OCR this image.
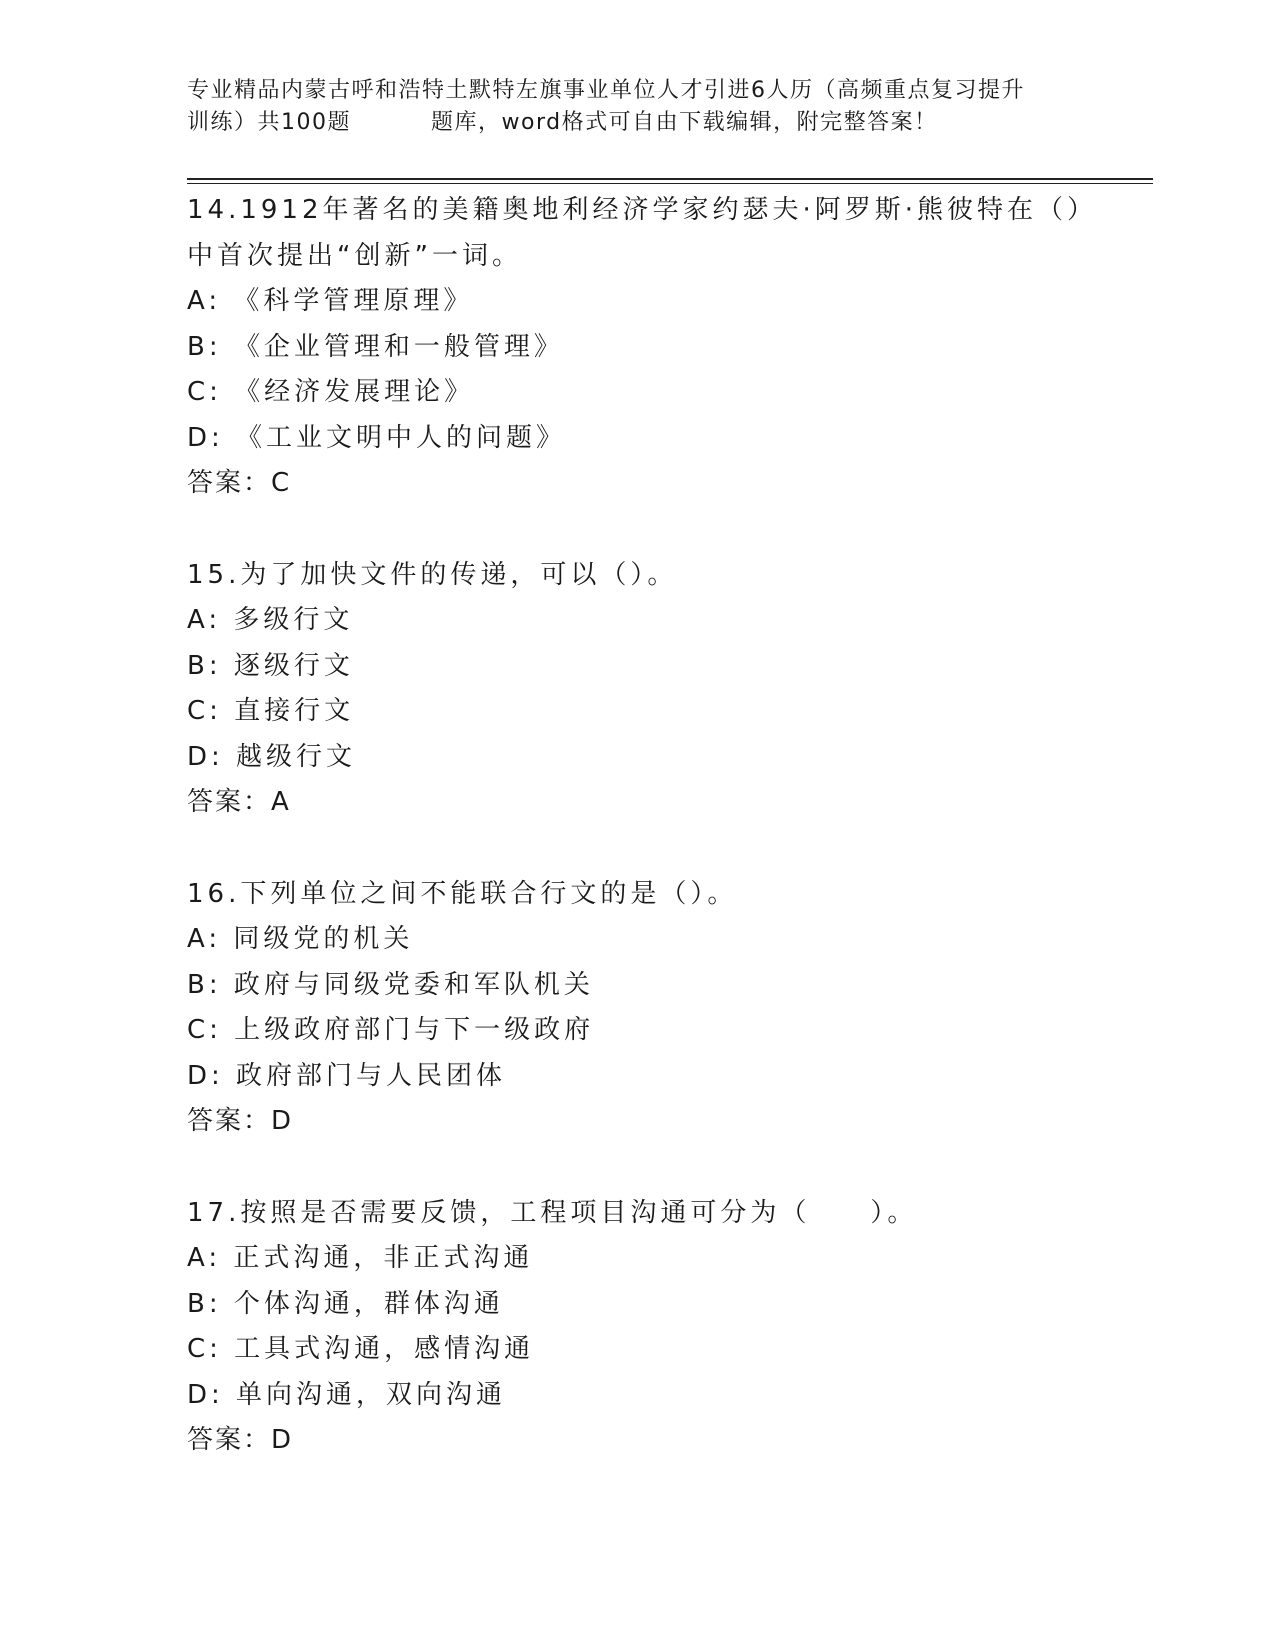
专业精品内蒙古呼和浩特土默特左旗事业单位人才引进6人历（高频重点复习提升
训练）共100题	题库，word格式可自由下载编辑，附完整答案！
14.1912年著名的美籍奥地利经济学家约瑟夫·阿罗斯·熊彼特在（）
中首次提出“创新”一词。
A: 《科学管理原理》
B: 《企业管理和一般管理》
C: 《经济发展理论》
D: 《工业文明中人的问题》
答案：C
15.为了加快文件的传递，可以（）。
A: 多级行文
B: 逐级行文
C: 直接行文
D: 越级行文
答案：A
16.下列单位之间不能联合行文的是（）。
A: 同级党的机关
B: 政府与同级党委和军队机关
C: 上级政府部门与下一级政府
D: 政府部门与人民团体
答案：D
17.按照是否需要反馈，工程项目沟通可分为（　　）。
A: 正式沟通，非正式沟通
B: 个体沟通，群体沟通
C: 工具式沟通，感情沟通
D: 单向沟通，双向沟通
答案：D
